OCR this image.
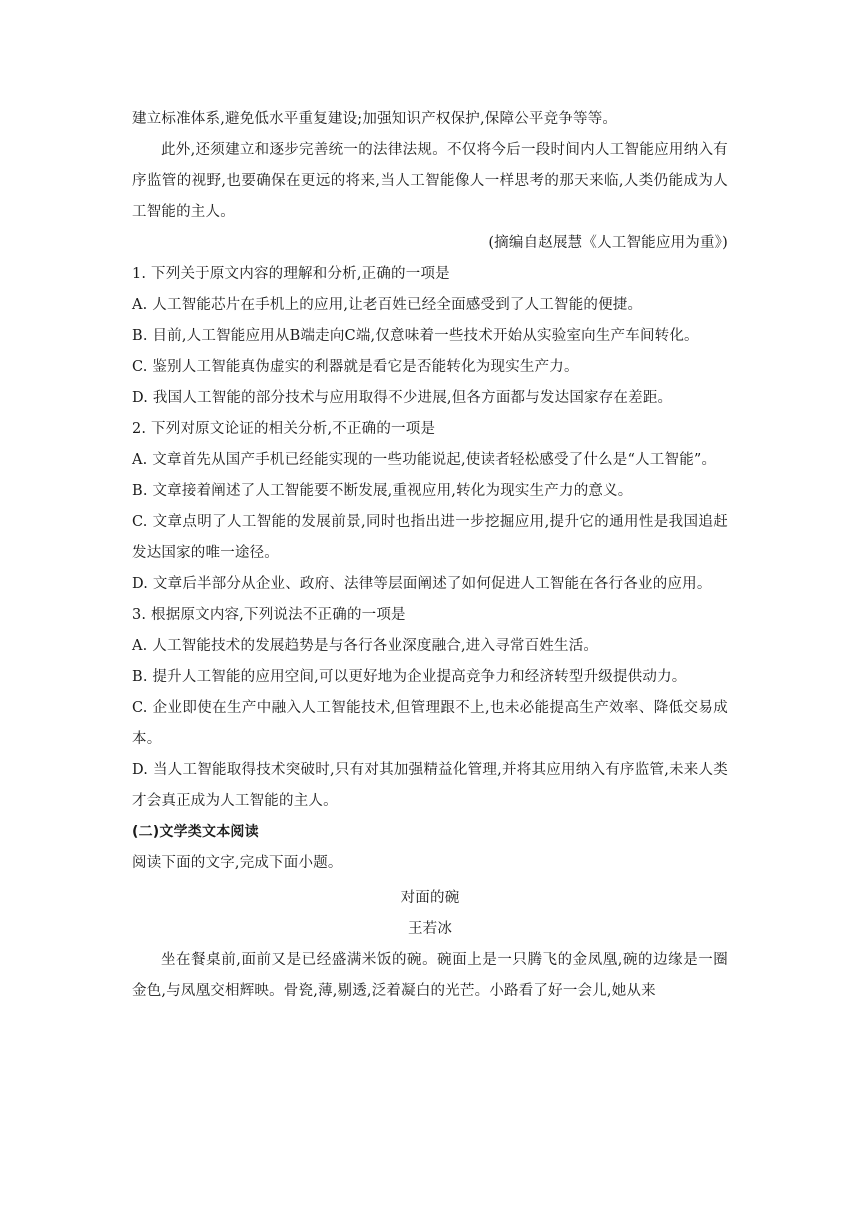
建立标准体系,避免低水平重复建设;加强知识产权保护,保障公平竞争等等。

此外,还须建立和逐步完善统一的法律法规。不仅将今后一段时间内人工智能应用纳入有序监管的视野,也要确保在更远的将来,当人工智能像人一样思考的那天来临,人类仍能成为人工智能的主人。

(摘编自赵展慧《人工智能应用为重》)

1. 下列关于原文内容的理解和分析,正确的一项是

A. 人工智能芯片在手机上的应用,让老百姓已经全面感受到了人工智能的便捷。

B. 目前,人工智能应用从B端走向C端,仅意味着一些技术开始从实验室向生产车间转化。

C. 鉴别人工智能真伪虚实的利器就是看它是否能转化为现实生产力。

D. 我国人工智能的部分技术与应用取得不少进展,但各方面都与发达国家存在差距。

2. 下列对原文论证的相关分析,不正确的一项是

A. 文章首先从国产手机已经能实现的一些功能说起,使读者轻松感受了什么是“人工智能”。

B. 文章接着阐述了人工智能要不断发展,重视应用,转化为现实生产力的意义。

C. 文章点明了人工智能的发展前景,同时也指出进一步挖掘应用,提升它的通用性是我国追赶发达国家的唯一途径。

D. 文章后半部分从企业、政府、法律等层面阐述了如何促进人工智能在各行各业的应用。

3. 根据原文内容,下列说法不正确的一项是

A. 人工智能技术的发展趋势是与各行各业深度融合,进入寻常百姓生活。

B. 提升人工智能的应用空间,可以更好地为企业提高竞争力和经济转型升级提供动力。

C. 企业即使在生产中融入人工智能技术,但管理跟不上,也未必能提高生产效率、降低交易成本。

D. 当人工智能取得技术突破时,只有对其加强精益化管理,并将其应用纳入有序监管,未来人类才会真正成为人工智能的主人。

(二)文学类文本阅读

阅读下面的文字,完成下面小题。

对面的碗

王若冰

坐在餐桌前,面前又是已经盛满米饭的碗。碗面上是一只腾飞的金凤凰,碗的边缘是一圈金色,与凤凰交相辉映。骨瓷,薄,剔透,泛着凝白的光芒。小路看了好一会儿,她从来
